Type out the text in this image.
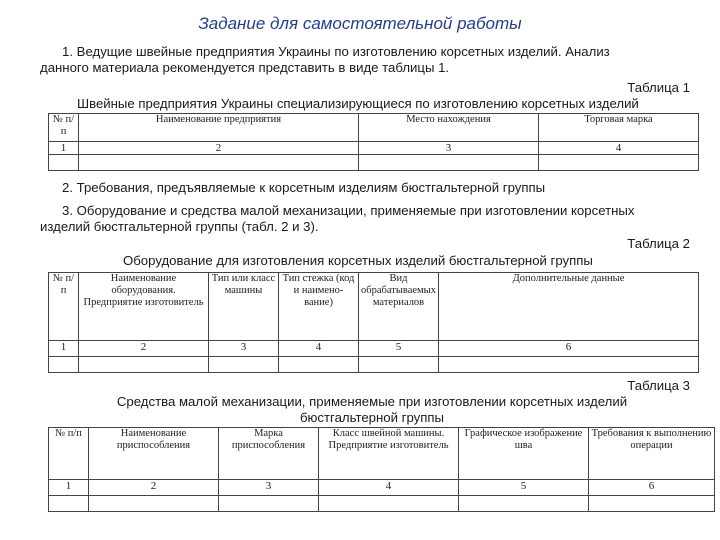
Задание для самостоятельной работы
1. Ведущие швейные предприятия Украины по изготовлению корсетных изделий. Анализ
данного материала рекомендуется представить в виде таблицы 1.
Таблица 1
Швейные предприятия Украины специализирующиеся по изготовлению корсетных изделий
№ п/п	Наименование предприятия	Место нахождения	Торговая марка
1	2	3	4

2. Требования, предъявляемые к корсетным изделиям бюстгальтерной группы
3. Оборудование и средства малой механизации, применяемые при изготовлении корсетных
изделий бюстгальтерной группы (табл. 2 и 3).
Таблица 2
Оборудование для изготовления корсетных изделий бюстгальтерной группы
№ п/п	Наименование оборудования. Предприятие изготовитель	Тип или класс машины	Тип стежка (код и наимено-вание)	Вид обрабатываемых материалов	Дополнительные данные
1	2	3	4	5	6

Таблица 3
Средства малой механизации, применяемые при изготовлении корсетных изделий
бюстгальтерной группы
№ п/п	Наименование приспособления	Марка приспособления	Класс швейной машины. Предприятие изготовитель	Графическое изображение шва	Требования к выполнению операции
1	2	3	4	5	6
